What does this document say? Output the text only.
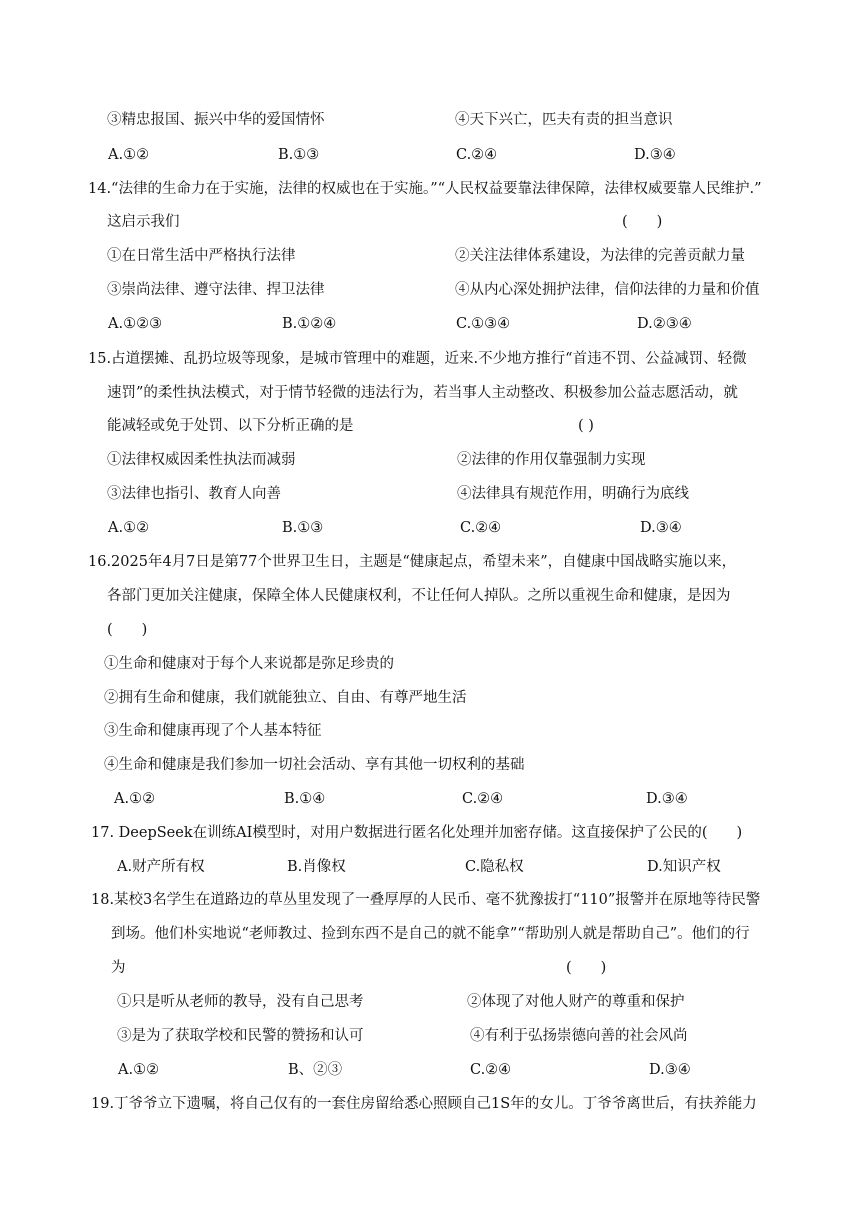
③精忠报国、振兴中华的爱国情怀	④天下兴亡，匹夫有责的担当意识
A.①②	B.①③	C.②④	D.③④
14.“法律的生命力在于实施，法律的权威也在于实施。”“人民权益要靠法律保障，法律权威要靠人民维护.”
这启示我们	(　　)
①在日常生活中严格执行法律	②关注法律体系建设，为法律的完善贡献力量
③崇尚法律、遵守法律、捍卫法律	④从内心深处拥护法律，信仰法律的力量和价值
A.①②③	B.①②④	C.①③④	D.②③④
15.占道摆摊、乱扔垃圾等现象，是城市管理中的难题，近来.不少地方推行“首违不罚、公益减罚、轻微
速罚”的柔性执法模式，对于情节轻微的违法行为，若当事人主动整改、积极参加公益志愿活动，就
能减轻或免于处罚、以下分析正确的是	( )
①法律权威因柔性执法而减弱	②法律的作用仅靠强制力实现
③法律也指引、教育人向善	④法律具有规范作用，明确行为底线
A.①②	B.①③	C.②④	D.③④
16.2025年4月7日是第77个世界卫生日，主题是“健康起点，希望未来”，自健康中国战略实施以来，
各部门更加关注健康，保障全体人民健康权利，不让任何人掉队。之所以重视生命和健康，是因为
(　　)
①生命和健康对于每个人来说都是弥足珍贵的
②拥有生命和健康，我们就能独立、自由、有尊严地生活
③生命和健康再现了个人基本特征
④生命和健康是我们参加一切社会活动、享有其他一切权利的基础
A.①②	B.①④	C.②④	D.③④
17. DeepSeek在训练AI模型时，对用户数据进行匿名化处理并加密存储。这直接保护了公民的(　　)
A.财产所有权	B.肖像权	C.隐私权	D.知识产权
18.某校3名学生在道路边的草丛里发现了一叠厚厚的人民币、毫不犹豫拔打“110”报警并在原地等待民警
到场。他们朴实地说“老师教过、捡到东西不是自己的就不能拿”“帮助别人就是帮助自己”。他们的行
为	(　　)
①只是听从老师的教导，没有自己思考	②体现了对他人财产的尊重和保护
③是为了获取学校和民警的赞扬和认可	④有利于弘扬崇德向善的社会风尚
A.①②	B、②③	C.②④	D.③④
19.丁爷爷立下遗嘱，将自己仅有的一套住房留给悉心照顾自己1S年的女儿。丁爷爷离世后，有扶养能力
